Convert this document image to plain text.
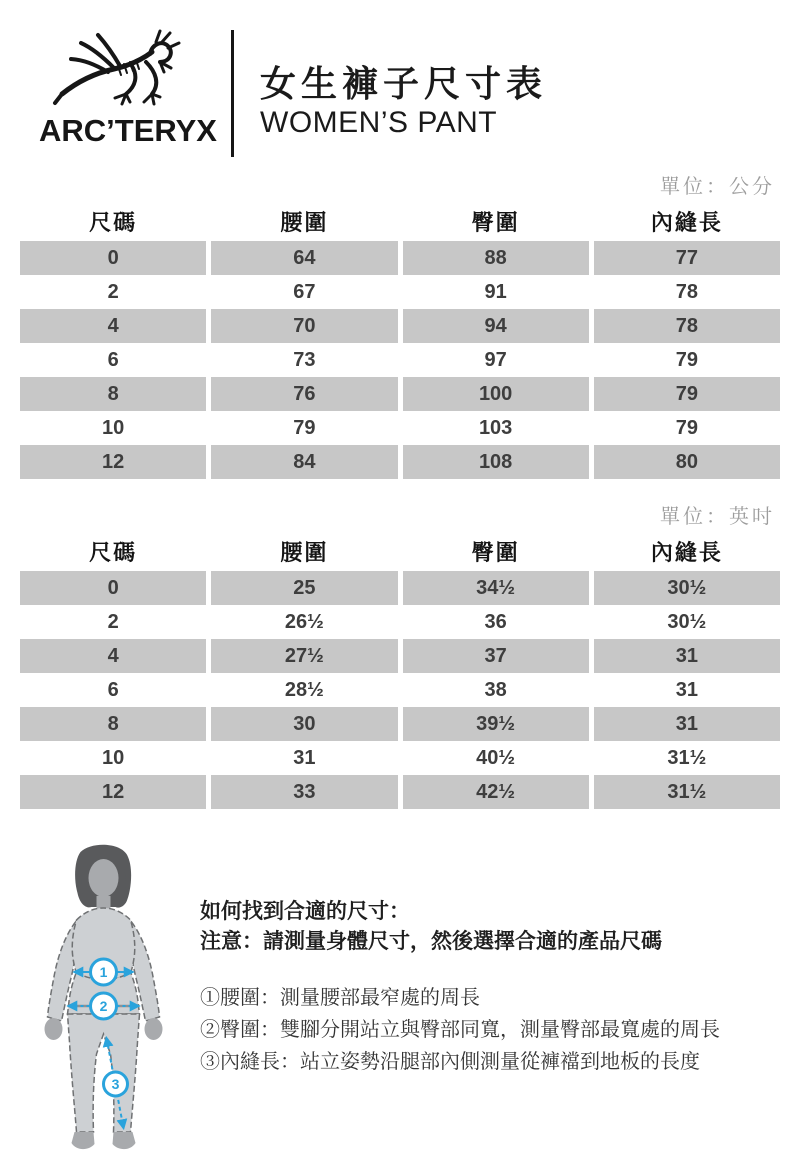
ARC’TERYX
女生褲子尺寸表
WOMEN’S PANT
單位：公分
尺碼	腰圍	臀圍	內縫長
0	64	88	77
2	67	91	78
4	70	94	78
6	73	97	79
8	76	100	79
10	79	103	79
12	84	108	80
單位：英吋
尺碼	腰圍	臀圍	內縫長
0	25	34½	30½
2	26½	36	30½
4	27½	37	31
6	28½	38	31
8	30	39½	31
10	31	40½	31½
12	33	42½	31½
1
2
3
如何找到合適的尺寸：
注意：請測量身體尺寸，然後選擇合適的產品尺碼
①腰圍：測量腰部最窄處的周長
②臀圍：雙腳分開站立與臀部同寬，測量臀部最寬處的周長
③內縫長：站立姿勢沿腿部內側測量從褲襠到地板的長度
